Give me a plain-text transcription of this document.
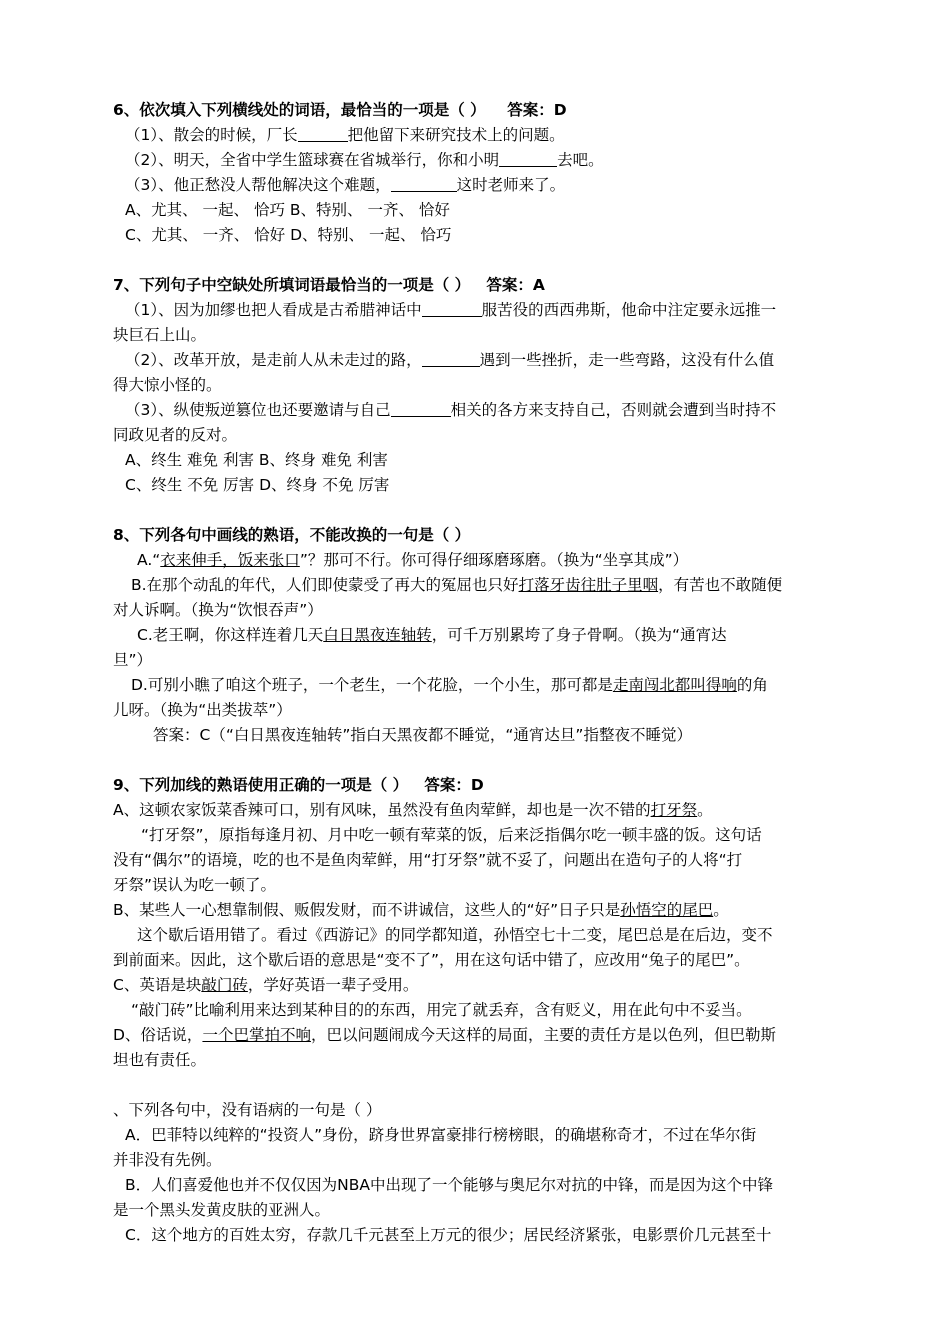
6、依次填入下列横线处的词语，最恰当的一项是（ ） 答案：D

（1）、散会的时候，厂长	把他留下来研究技术上的问题。

（2）、明天，全省中学生篮球赛在省城举行，你和小明	去吧。

（3）、他正愁没人帮他解决这个难题，	这时老师来了。

A、尤其、 一起、 恰巧 B、特别、 一齐、 恰好

C、尤其、 一齐、 恰好 D、特别、 一起、 恰巧

7、下列句子中空缺处所填词语最恰当的一项是（ ） 答案：A

（1）、因为加缪也把人看成是古希腊神话中	服苦役的西西弗斯，他命中注定要永远推一

块巨石上山。

（2）、改革开放，是走前人从未走过的路，	遇到一些挫折，走一些弯路，这没有什么值

得大惊小怪的。

（3）、纵使叛逆篡位也还要邀请与自己	相关的各方来支持自己，否则就会遭到当时持不

同政见者的反对。

A、终生 难免 利害 B、终身 难免 利害

C、终生 不免 厉害 D、终身 不免 厉害

8、下列各句中画线的熟语，不能改换的一句是（ ）

A.“衣来伸手，饭来张口”？那可不行。你可得仔细琢磨琢磨。（换为“坐享其成”）

B.在那个动乱的年代，人们即使蒙受了再大的冤屈也只好打落牙齿往肚子里咽，有苦也不敢随便

对人诉啊。（换为“饮恨吞声”）

C.老王啊，你这样连着几天白日黑夜连轴转，可千万别累垮了身子骨啊。（换为“通宵达

旦”）

D.可别小瞧了咱这个班子，一个老生，一个花脸，一个小生，那可都是走南闯北都叫得响的角

儿呀。（换为“出类拔萃”）

答案：C（“白日黑夜连轴转”指白天黑夜都不睡觉，“通宵达旦”指整夜不睡觉）

9、下列加线的熟语使用正确的一项是（ ） 答案：D

A、这顿农家饭菜香辣可口，别有风味，虽然没有鱼肉荤鲜，却也是一次不错的打牙祭。

“打牙祭”，原指每逢月初、月中吃一顿有荤菜的饭，后来泛指偶尔吃一顿丰盛的饭。这句话

没有“偶尔”的语境，吃的也不是鱼肉荤鲜，用“打牙祭”就不妥了，问题出在造句子的人将“打

牙祭”误认为吃一顿了。

B、某些人一心想靠制假、贩假发财，而不讲诚信，这些人的“好”日子只是孙悟空的尾巴。

这个歇后语用错了。看过《西游记》的同学都知道，孙悟空七十二变，尾巴总是在后边，变不

到前面来。因此，这个歇后语的意思是“变不了”，用在这句话中错了，应改用“兔子的尾巴”。

C、英语是块敲门砖，学好英语一辈子受用。

“敲门砖”比喻利用来达到某种目的的东西，用完了就丢弃，含有贬义，用在此句中不妥当。

D、俗话说，一个巴掌拍不响，巴以问题闹成今天这样的局面，主要的责任方是以色列，但巴勒斯

坦也有责任。

、下列各句中，没有语病的一句是（ ）

A．巴菲特以纯粹的“投资人”身份，跻身世界富豪排行榜榜眼，的确堪称奇才，不过在华尔街

并非没有先例。

B．人们喜爱他也并不仅仅因为NBA中出现了一个能够与奥尼尔对抗的中锋，而是因为这个中锋

是一个黑头发黄皮肤的亚洲人。

C．这个地方的百姓太穷，存款几千元甚至上万元的很少；居民经济紧张，电影票价几元甚至十
